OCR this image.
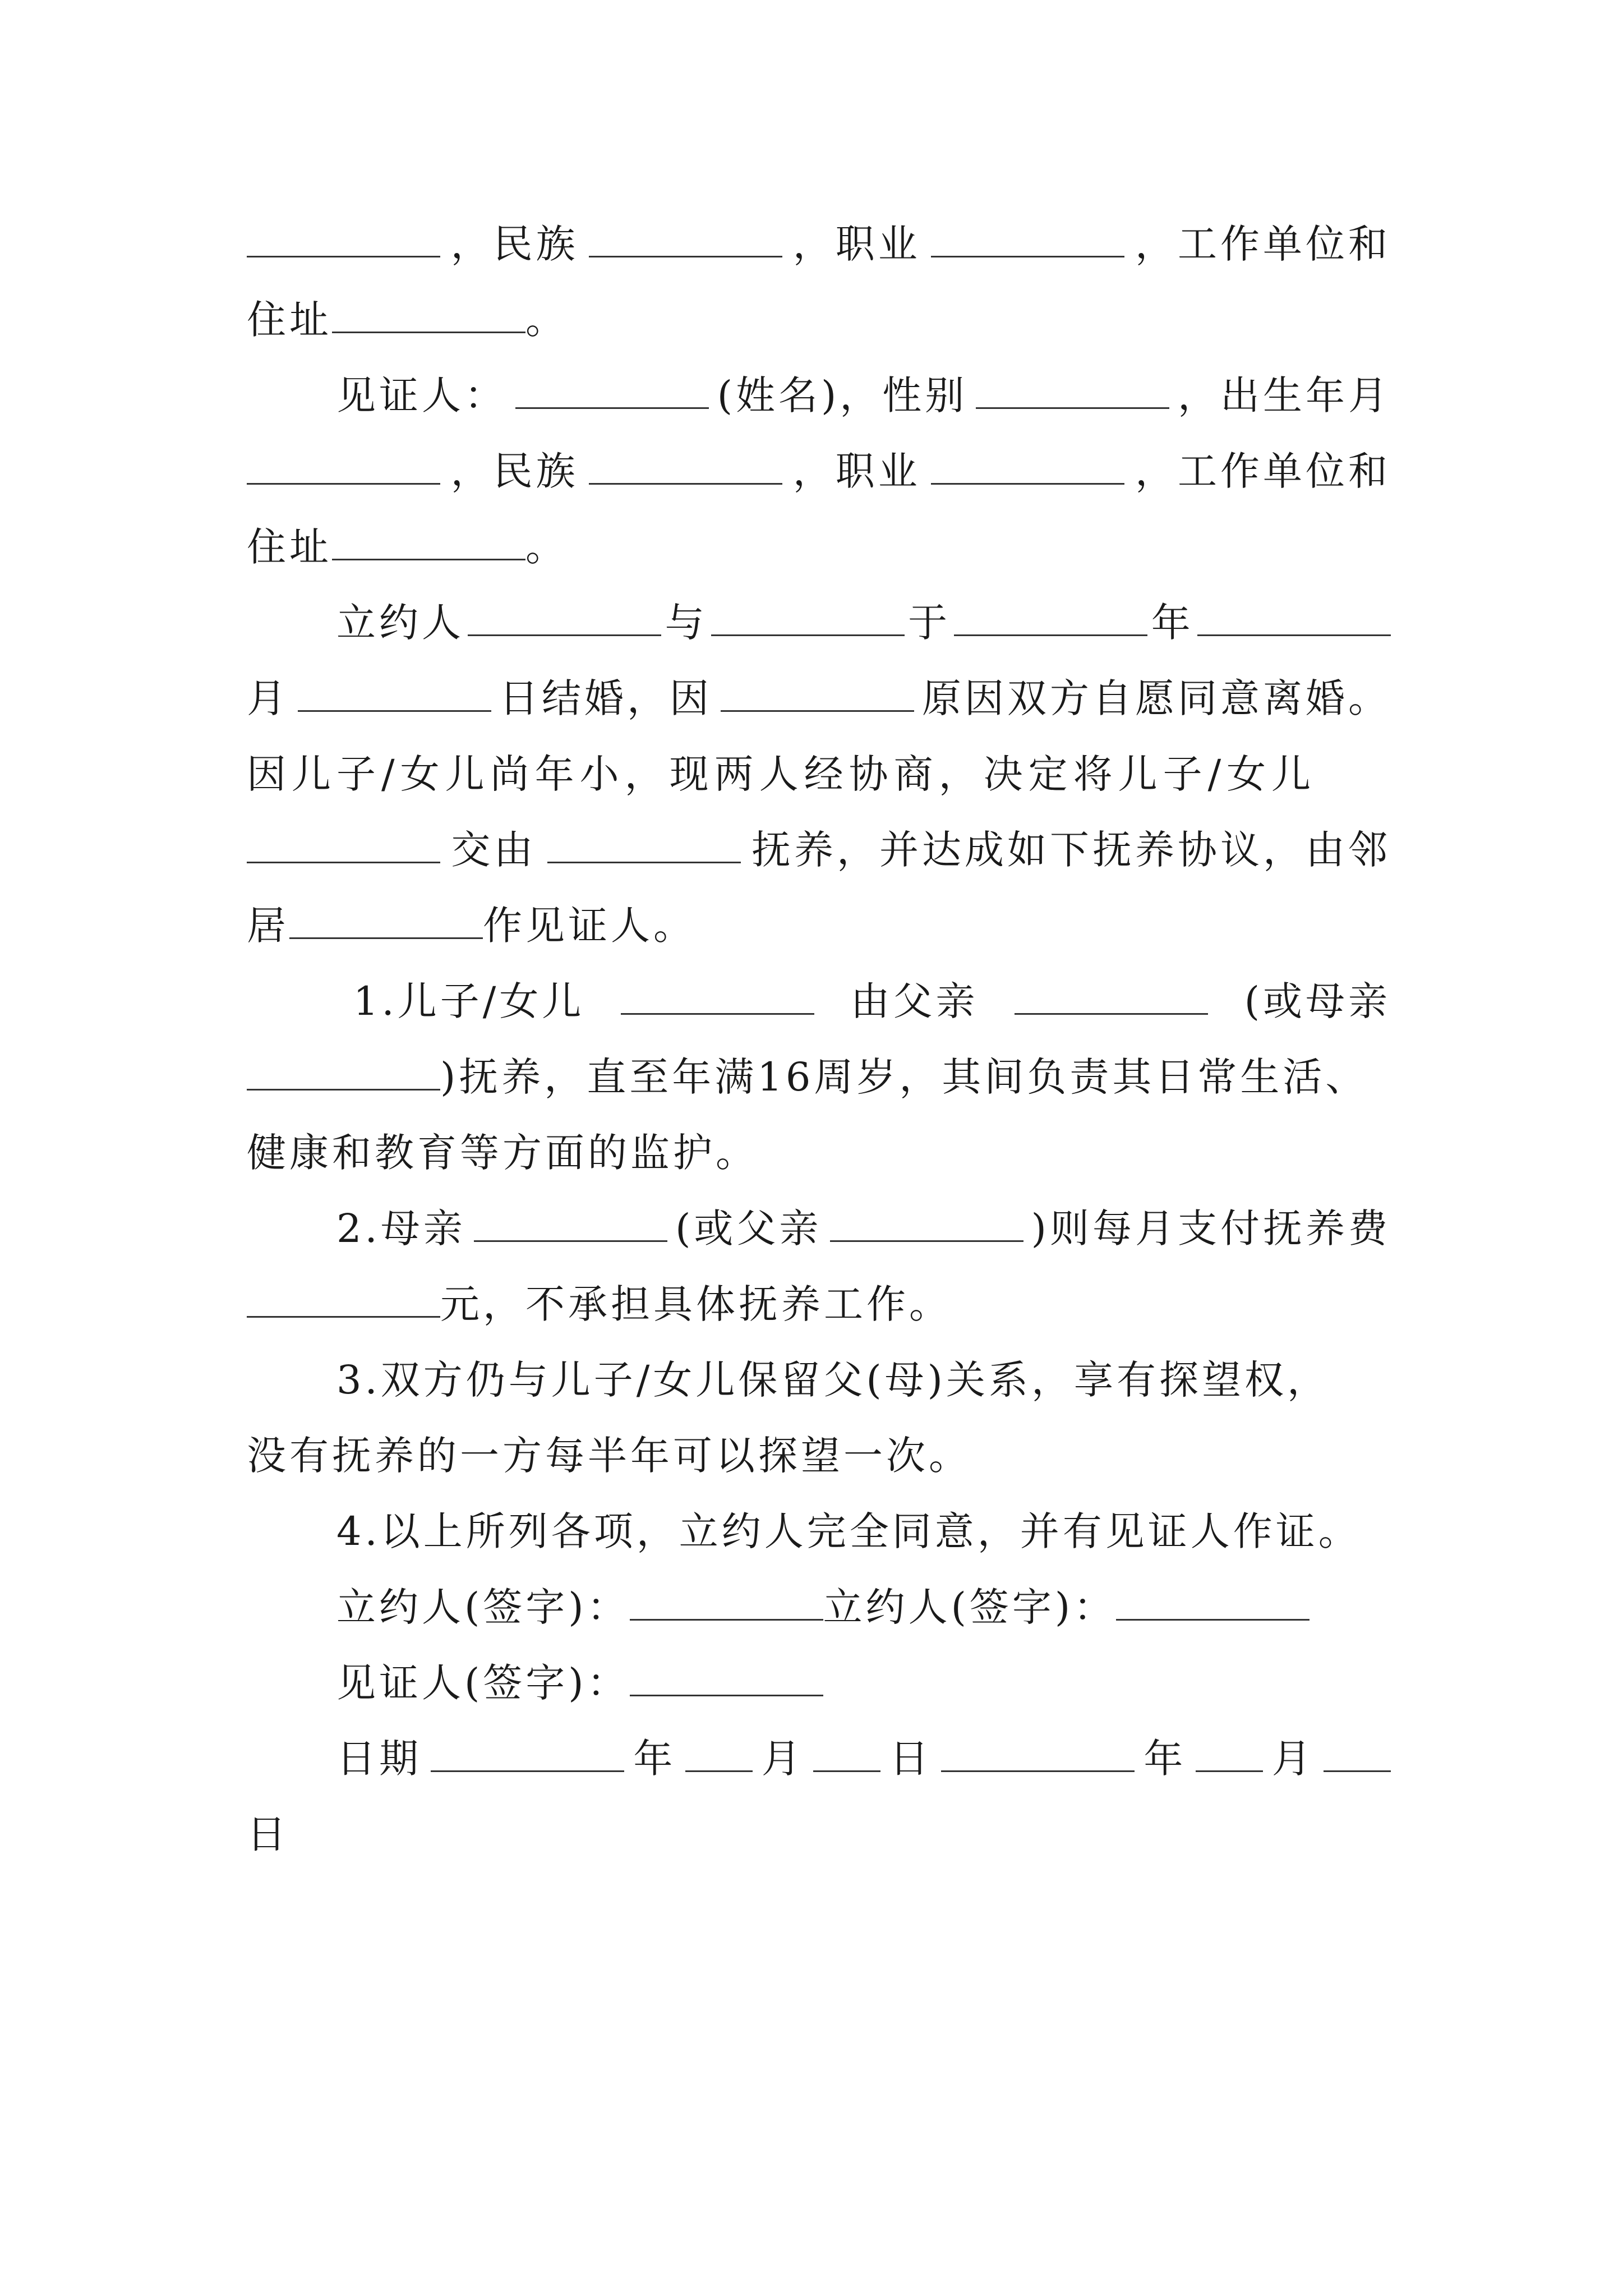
，民族	，职业	，工作单位和
住址	。
见证人：	(姓名)，性别	，出生年月
，民族	，职业	，工作单位和
住址	。
立约人	与	于	年
月	日结婚，因	原因双方自愿同意离婚。
因儿子/女儿尚年小，现两人经协商，决定将儿子/女儿
交由	抚养，并达成如下抚养协议，由邻
居	作见证人。
1.儿子/女儿	由父亲	(或母亲
)抚养，直至年满16周岁，其间负责其日常生活、
健康和教育等方面的监护。
2.母亲	(或父亲	)则每月支付抚养费
元，不承担具体抚养工作。
3.双方仍与儿子/女儿保留父(母)关系，享有探望权，
没有抚养的一方每半年可以探望一次。
4.以上所列各项，立约人完全同意，并有见证人作证。
立约人(签字)：	立约人(签字)：
见证人(签字)：
日期	年 月 日	年 月
日
